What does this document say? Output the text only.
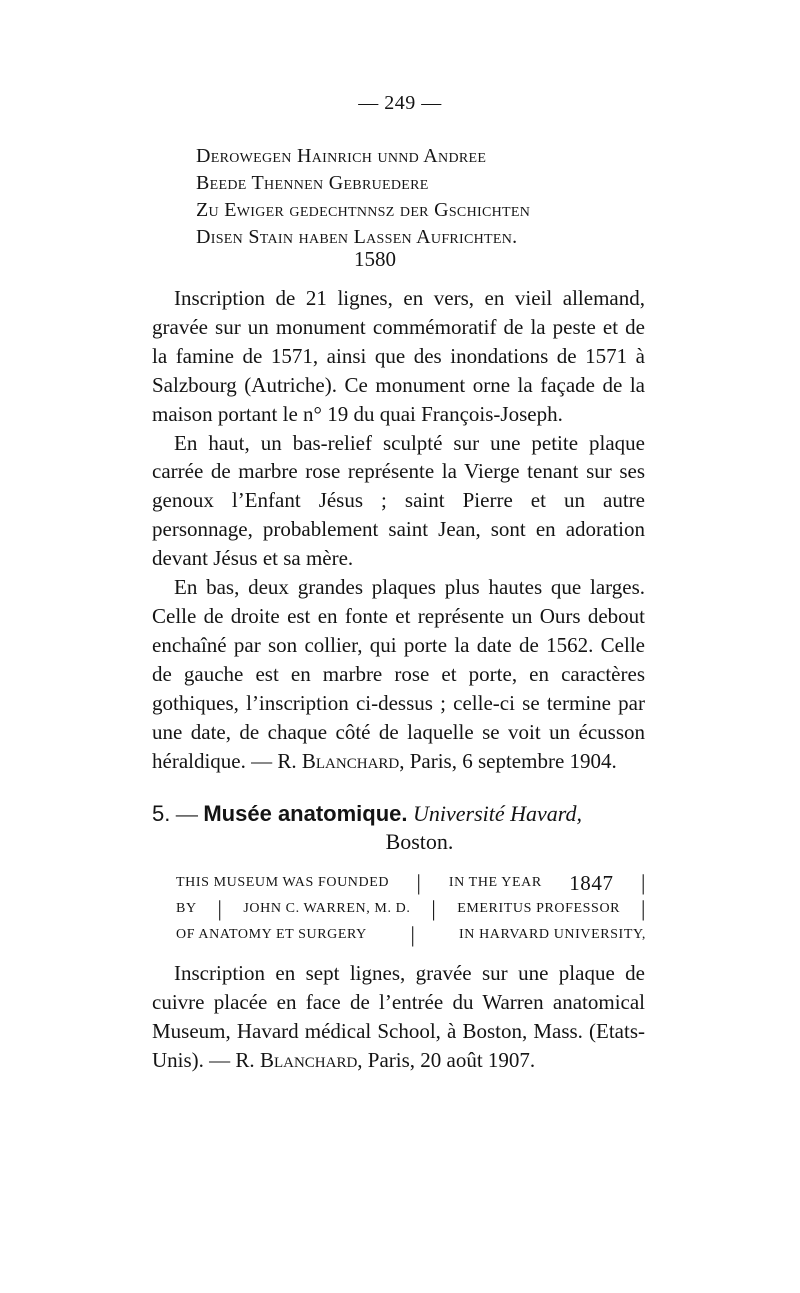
— 249 —
Derowegen Hainrich unnd Andree
Beede Thennen Gebruedere
Zu Ewiger gedechtnnsz der Gschichten
Disen Stain haben Lassen Aufrichten.
1580

Inscription de 21 lignes, en vers, en vieil allemand, gravée sur un monument commémoratif de la peste et de la famine de 1571, ainsi que des inondations de 1571 à Salzbourg (Autriche). Ce monument orne la façade de la maison portant le n° 19 du quai François-Joseph.

En haut, un bas-relief sculpté sur une petite plaque carrée de marbre rose représente la Vierge tenant sur ses genoux l’Enfant Jésus ; saint Pierre et un autre personnage, probablement saint Jean, sont en adoration devant Jésus et sa mère.

En bas, deux grandes plaques plus hautes que larges. Celle de droite est en fonte et représente un Ours debout enchaîné par son collier, qui porte la date de 1562. Celle de gauche est en marbre rose et porte, en caractères gothiques, l’inscription ci-dessus ; celle-ci se termine par une date, de chaque côté de laquelle se voit un écusson héraldique. — R. Blanchard, Paris, 6 septembre 1904.

5. — Musée anatomique. Université Havard,
Boston.
THIS MUSEUM WAS FOUNDED | IN THE YEAR 1847 |
BY | JOHN C. WARREN, M. D. | EMERITUS PROFESSOR |
OF ANATOMY ET SURGERY |	IN HARVARD UNIVERSITY,

Inscription en sept lignes, gravée sur une plaque de cuivre placée en face de l’entrée du Warren anatomical Museum, Havard médical School, à Boston, Mass. (Etats-Unis). — R. Blanchard, Paris, 20 août 1907.
